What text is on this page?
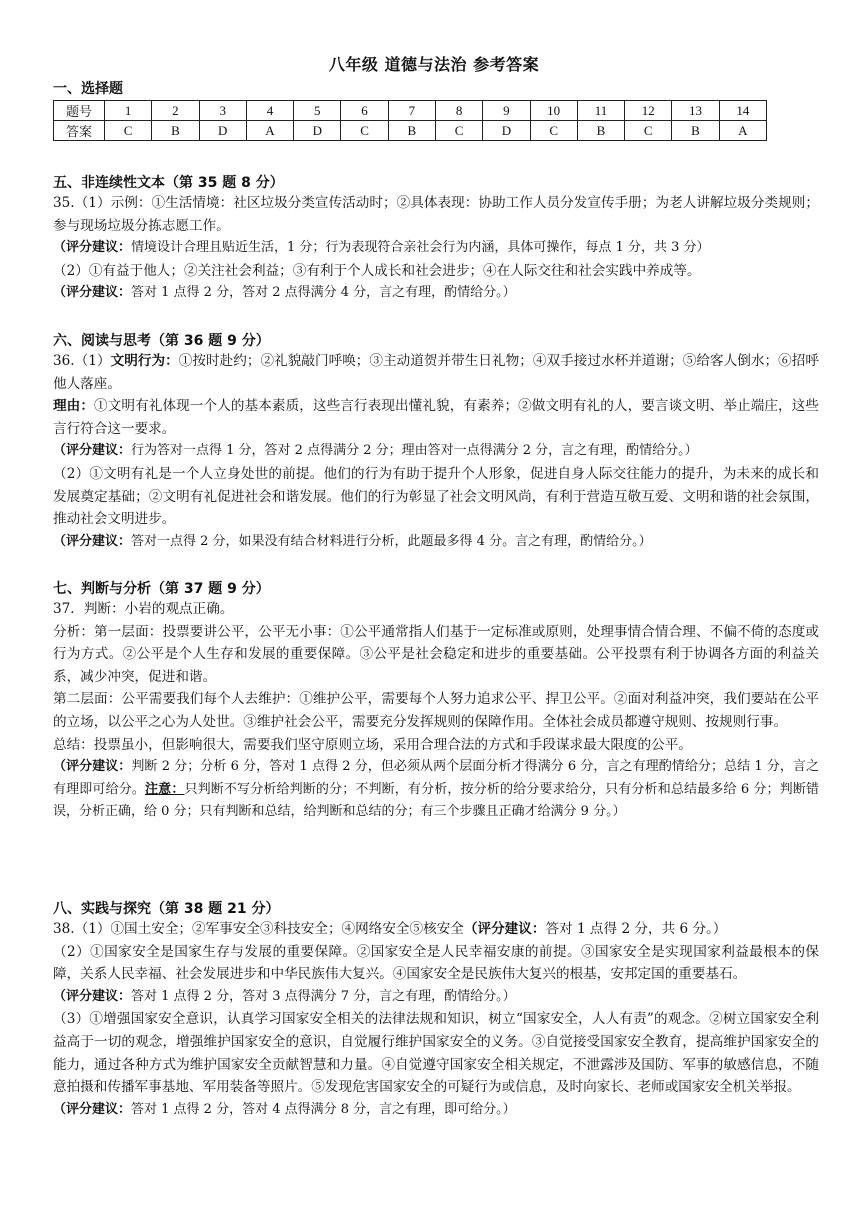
八年级 道德与法治 参考答案
一、选择题
题号	1	2	3	4	5	6	7	8	9	10	11	12	13	14
答案	C	B	D	A	D	C	B	C	D	C	B	C	B	A
五、非连续性文本（第 35 题 8 分）

35.（1）示例：①生活情境：社区垃圾分类宣传活动时；②具体表现：协助工作人员分发宣传手册；为老人讲解垃圾分类规则；参与现场垃圾分拣志愿工作。

（评分建议：情境设计合理且贴近生活，1 分；行为表现符合亲社会行为内涵，具体可操作，每点 1 分，共 3 分）

（2）①有益于他人；②关注社会利益；③有利于个人成长和社会进步；④在人际交往和社会实践中养成等。

（评分建议：答对 1 点得 2 分，答对 2 点得满分 4 分，言之有理，酌情给分。）

六、阅读与思考（第 36 题 9 分）

36.（1）文明行为：①按时赴约；②礼貌敲门呼唤；③主动道贺并带生日礼物；④双手接过水杯并道谢；⑤给客人倒水；⑥招呼他人落座。

理由：①文明有礼体现一个人的基本素质，这些言行表现出懂礼貌，有素养；②做文明有礼的人，要言谈文明、举止端庄，这些言行符合这一要求。

（评分建议：行为答对一点得 1 分，答对 2 点得满分 2 分；理由答对一点得满分 2 分，言之有理，酌情给分。）

（2）①文明有礼是一个人立身处世的前提。他们的行为有助于提升个人形象，促进自身人际交往能力的提升，为未来的成长和发展奠定基础；②文明有礼促进社会和谐发展。他们的行为彰显了社会文明风尚，有利于营造互敬互爱、文明和谐的社会氛围，推动社会文明进步。

（评分建议：答对一点得 2 分，如果没有结合材料进行分析，此题最多得 4 分。言之有理，酌情给分。）

七、判断与分析（第 37 题 9 分）

37．判断：小岩的观点正确。

分析：第一层面：投票要讲公平，公平无小事：①公平通常指人们基于一定标准或原则，处理事情合情合理、不偏不倚的态度或行为方式。②公平是个人生存和发展的重要保障。③公平是社会稳定和进步的重要基础。公平投票有利于协调各方面的利益关系，减少冲突，促进和谐。

第二层面：公平需要我们每个人去维护：①维护公平，需要每个人努力追求公平、捍卫公平。②面对利益冲突，我们要站在公平的立场，以公平之心为人处世。③维护社会公平，需要充分发挥规则的保障作用。全体社会成员都遵守规则、按规则行事。

总结：投票虽小，但影响很大，需要我们坚守原则立场，采用合理合法的方式和手段谋求最大限度的公平。

（评分建议：判断 2 分；分析 6 分，答对 1 点得 2 分，但必须从两个层面分析才得满分 6 分，言之有理酌情给分；总结 1 分，言之有理即可给分。注意：只判断不写分析给判断的分；不判断，有分析，按分析的给分要求给分，只有分析和总结最多给 6 分；判断错误，分析正确，给 0 分；只有判断和总结，给判断和总结的分；有三个步骤且正确才给满分 9 分。）

八、实践与探究（第 38 题 21 分）

38.（1）①国土安全；②军事安全③科技安全；④网络安全⑤核安全（评分建议：答对 1 点得 2 分，共 6 分。）

（2）①国家安全是国家生存与发展的重要保障。②国家安全是人民幸福安康的前提。③国家安全是实现国家利益最根本的保障，关系人民幸福、社会发展进步和中华民族伟大复兴。④国家安全是民族伟大复兴的根基，安邦定国的重要基石。

（评分建议：答对 1 点得 2 分，答对 3 点得满分 7 分，言之有理，酌情给分。）

（3）①增强国家安全意识，认真学习国家安全相关的法律法规和知识，树立“国家安全，人人有责”的观念。②树立国家安全利益高于一切的观念，增强维护国家安全的意识，自觉履行维护国家安全的义务。③自觉接受国家安全教育，提高维护国家安全的能力，通过各种方式为维护国家安全贡献智慧和力量。④自觉遵守国家安全相关规定，不泄露涉及国防、军事的敏感信息，不随意拍摄和传播军事基地、军用装备等照片。⑤发现危害国家安全的可疑行为或信息，及时向家长、老师或国家安全机关举报。

（评分建议：答对 1 点得 2 分，答对 4 点得满分 8 分，言之有理，即可给分。）
